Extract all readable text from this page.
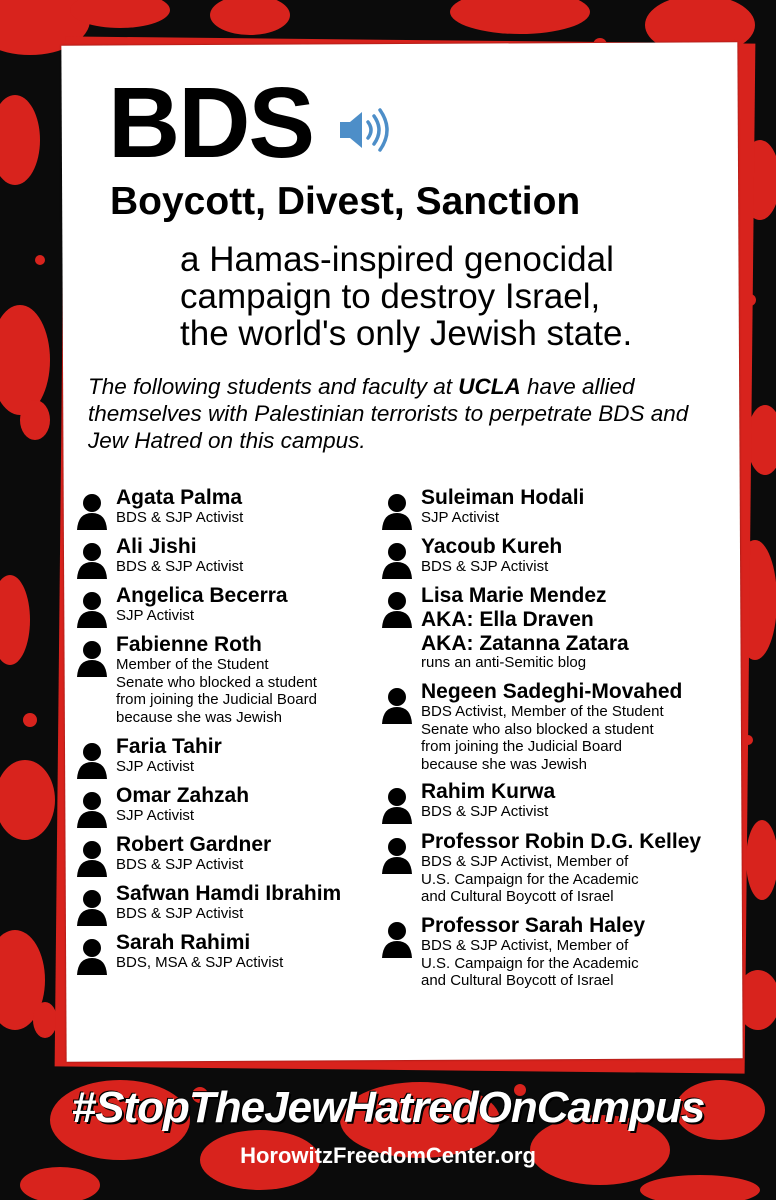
BDS
Boycott, Divest, Sanction

a Hamas-inspired genocidal
campaign to destroy Israel,
the world's only Jewish state.

The following students and faculty at UCLA have allied themselves with Palestinian terrorists to perpetrate BDS and Jew Hatred on this campus.

Agata Palma
BDS & SJP Activist
Ali Jishi
BDS & SJP Activist
Angelica Becerra
SJP Activist
Fabienne Roth
Member of the Student
Senate who blocked a student
from joining the Judicial Board
because she was Jewish
Faria Tahir
SJP Activist
Omar Zahzah
SJP Activist
Robert Gardner
BDS & SJP Activist
Safwan Hamdi Ibrahim
BDS & SJP Activist
Sarah Rahimi
BDS, MSA & SJP Activist
Suleiman Hodali
SJP Activist
Yacoub Kureh
BDS & SJP Activist
Lisa Marie Mendez
AKA: Ella Draven
AKA: Zatanna Zatara
runs an anti-Semitic blog
Negeen Sadeghi-Movahed
BDS Activist, Member of the Student
Senate who also blocked a student
from joining the Judicial Board
because she was Jewish
Rahim Kurwa
BDS & SJP Activist
Professor Robin D.G. Kelley
BDS & SJP Activist, Member of
U.S. Campaign for the Academic
and Cultural Boycott of Israel
Professor Sarah Haley
BDS & SJP Activist, Member of
U.S. Campaign for the Academic
and Cultural Boycott of Israel

#StopTheJewHatredOnCampus

HorowitzFreedomCenter.org
